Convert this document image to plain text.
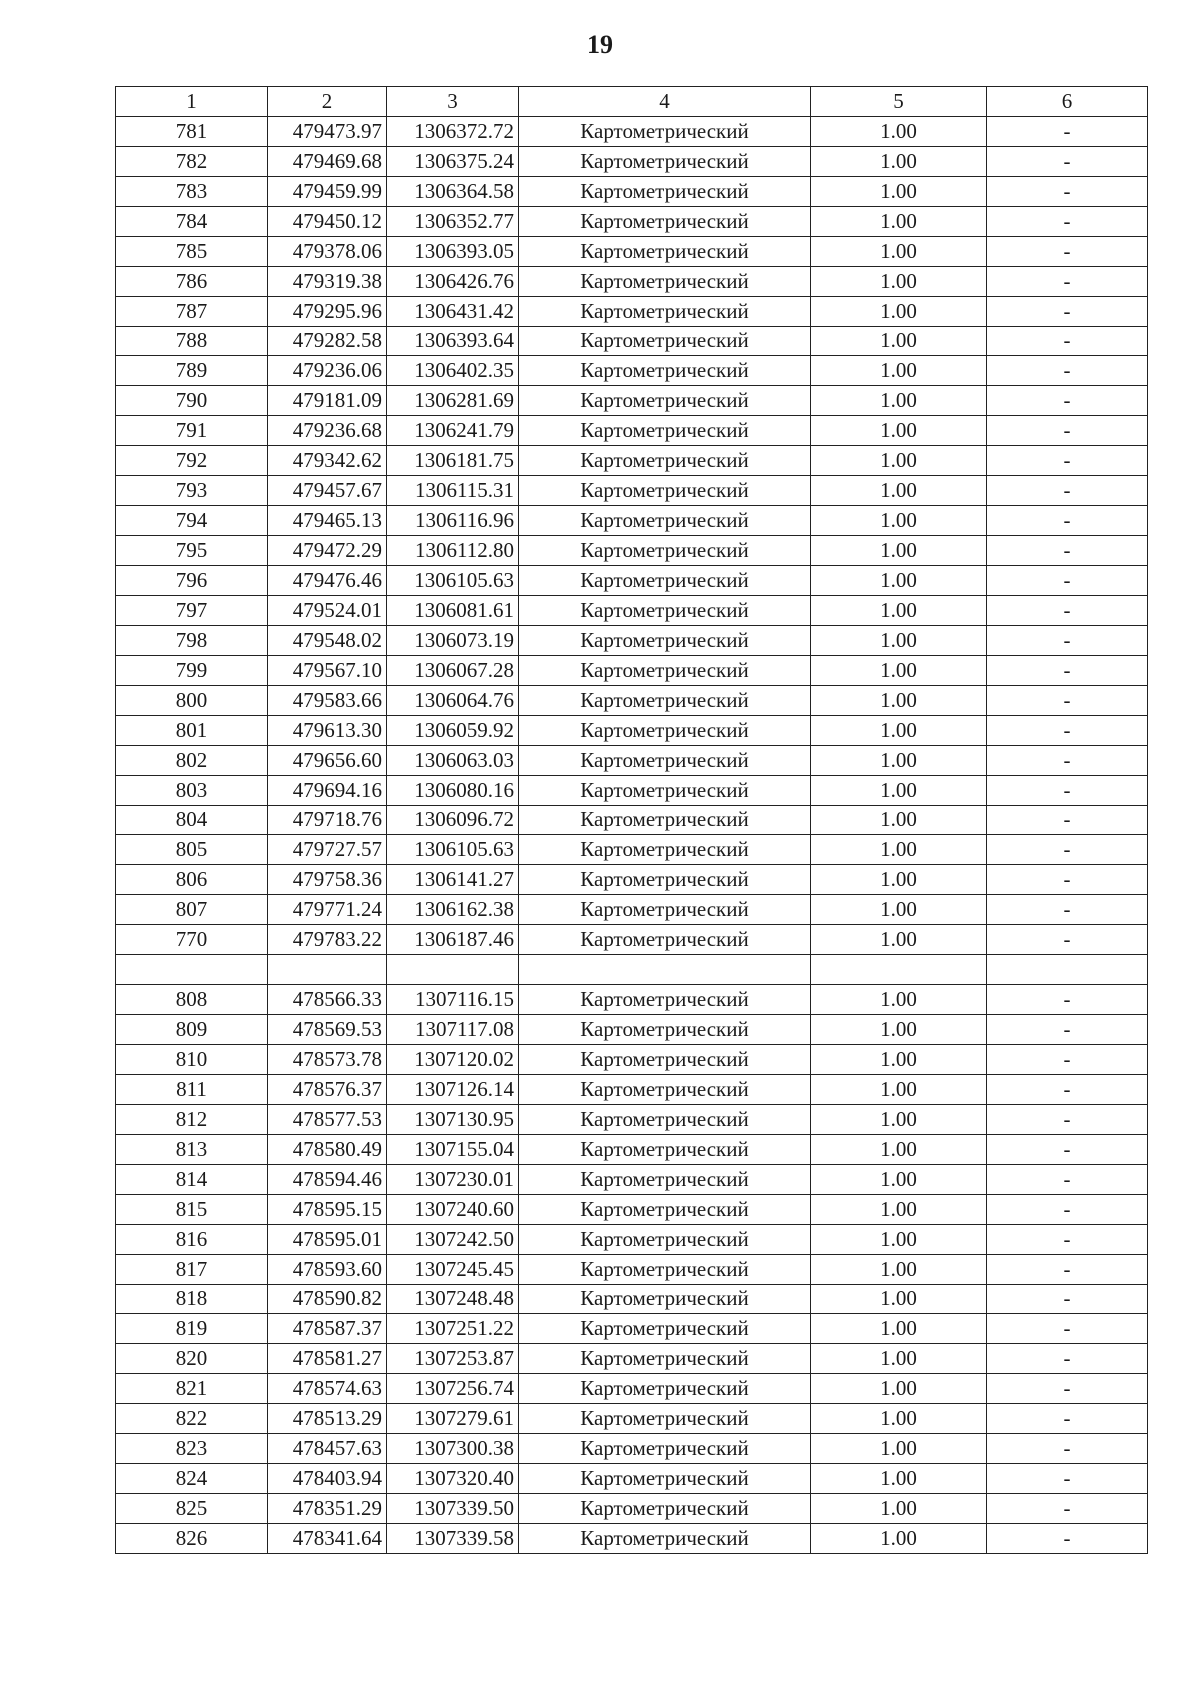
19
1	2	3	4	5	6
781	479473.97	1306372.72	Картометрический	1.00	-
782	479469.68	1306375.24	Картометрический	1.00	-
783	479459.99	1306364.58	Картометрический	1.00	-
784	479450.12	1306352.77	Картометрический	1.00	-
785	479378.06	1306393.05	Картометрический	1.00	-
786	479319.38	1306426.76	Картометрический	1.00	-
787	479295.96	1306431.42	Картометрический	1.00	-
788	479282.58	1306393.64	Картометрический	1.00	-
789	479236.06	1306402.35	Картометрический	1.00	-
790	479181.09	1306281.69	Картометрический	1.00	-
791	479236.68	1306241.79	Картометрический	1.00	-
792	479342.62	1306181.75	Картометрический	1.00	-
793	479457.67	1306115.31	Картометрический	1.00	-
794	479465.13	1306116.96	Картометрический	1.00	-
795	479472.29	1306112.80	Картометрический	1.00	-
796	479476.46	1306105.63	Картометрический	1.00	-
797	479524.01	1306081.61	Картометрический	1.00	-
798	479548.02	1306073.19	Картометрический	1.00	-
799	479567.10	1306067.28	Картометрический	1.00	-
800	479583.66	1306064.76	Картометрический	1.00	-
801	479613.30	1306059.92	Картометрический	1.00	-
802	479656.60	1306063.03	Картометрический	1.00	-
803	479694.16	1306080.16	Картометрический	1.00	-
804	479718.76	1306096.72	Картометрический	1.00	-
805	479727.57	1306105.63	Картометрический	1.00	-
806	479758.36	1306141.27	Картометрический	1.00	-
807	479771.24	1306162.38	Картометрический	1.00	-
770	479783.22	1306187.46	Картометрический	1.00	-

808	478566.33	1307116.15	Картометрический	1.00	-
809	478569.53	1307117.08	Картометрический	1.00	-
810	478573.78	1307120.02	Картометрический	1.00	-
811	478576.37	1307126.14	Картометрический	1.00	-
812	478577.53	1307130.95	Картометрический	1.00	-
813	478580.49	1307155.04	Картометрический	1.00	-
814	478594.46	1307230.01	Картометрический	1.00	-
815	478595.15	1307240.60	Картометрический	1.00	-
816	478595.01	1307242.50	Картометрический	1.00	-
817	478593.60	1307245.45	Картометрический	1.00	-
818	478590.82	1307248.48	Картометрический	1.00	-
819	478587.37	1307251.22	Картометрический	1.00	-
820	478581.27	1307253.87	Картометрический	1.00	-
821	478574.63	1307256.74	Картометрический	1.00	-
822	478513.29	1307279.61	Картометрический	1.00	-
823	478457.63	1307300.38	Картометрический	1.00	-
824	478403.94	1307320.40	Картометрический	1.00	-
825	478351.29	1307339.50	Картометрический	1.00	-
826	478341.64	1307339.58	Картометрический	1.00	-
